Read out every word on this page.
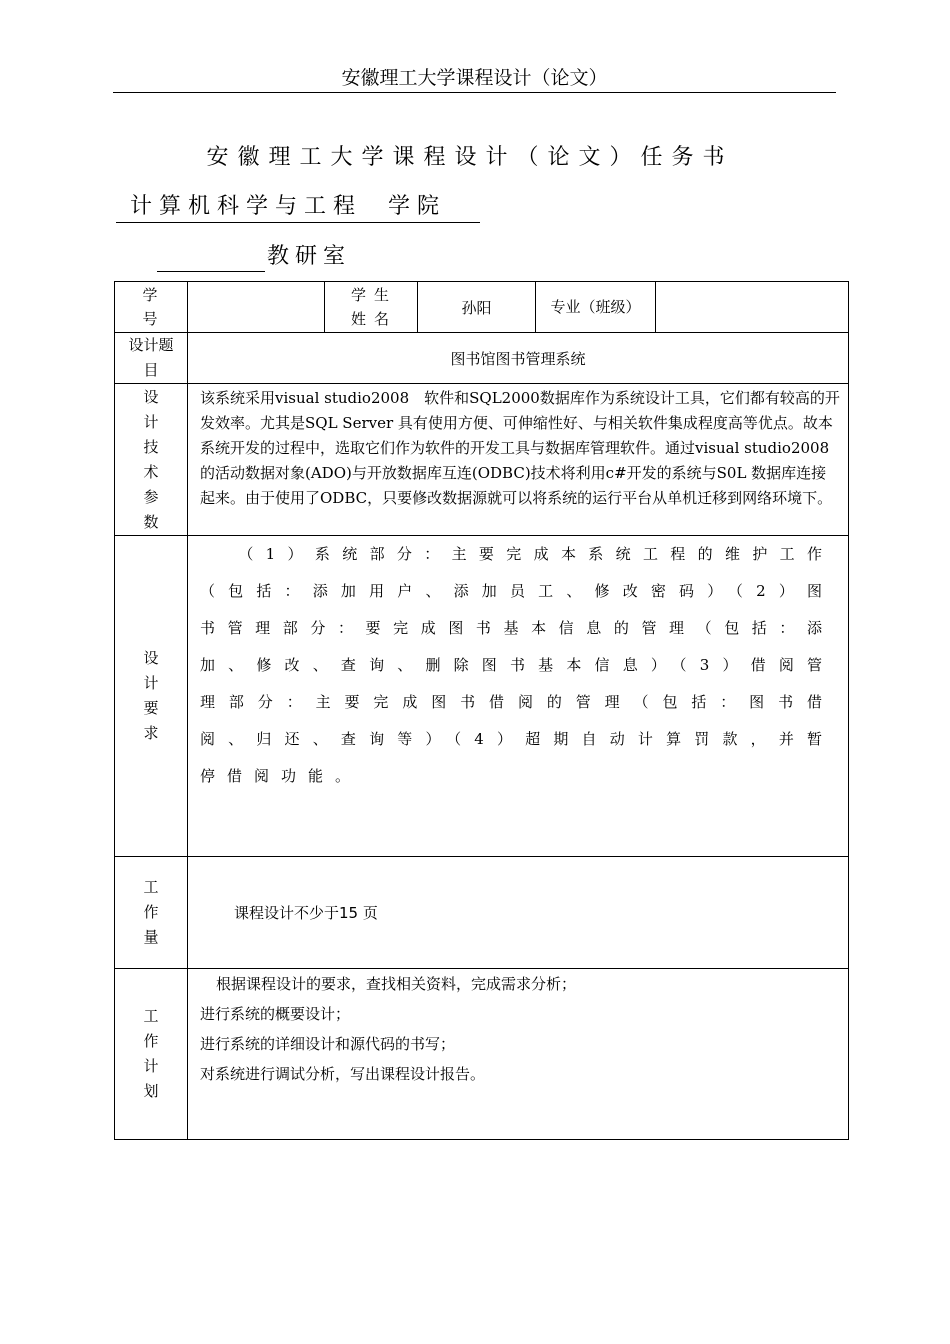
安徽理工大学课程设计（论文）
安徽理工大学课程设计（论文）任务书
计算机科学与工程 学院
教研室
学 号		学生姓名	孙阳	专业（班级）	

设计题目	图书馆图书管理系统				

设计技术参数	该系统采用visual studio2008　软件和SQL2000数据库作为系统设计工具，它们都有较高的开发效率。尤其是SQL Server 具有使用方便、可伸缩性好、与相关软件集成程度高等优点。故本系统开发的过程中，选取它们作为软件的开发工具与数据库管理软件。通过visual studio2008　的活动数据对象(ADO)与开放数据库互连(ODBC)技术将利用c#开发的系统与S0L 数据库连接起来。由于使用了ODBC，只要修改数据源就可以将系统的运行平台从单机迁移到网络环境下。				

设计要求	（1）系统部分：主要完成本系统工程的维护工作（包括：添加用户、添加员工、修改密码）（2）图书管理部分：要完成图书基本信息的管理（包括：添加、修改、查询、删除图书基本信息）（3）借阅管理部分：主要完成图书借阅的管理（包括：图书借阅、归还、查询等）（4）超期自动计算罚款，并暂停借阅功能。				

工作量	课程设计不少于15 页				

工作计划	根据课程设计的要求，查找相关资料，完成需求分析；
进行系统的概要设计；
进行系统的详细设计和源代码的书写；
对系统进行调试分析，写出课程设计报告。				
